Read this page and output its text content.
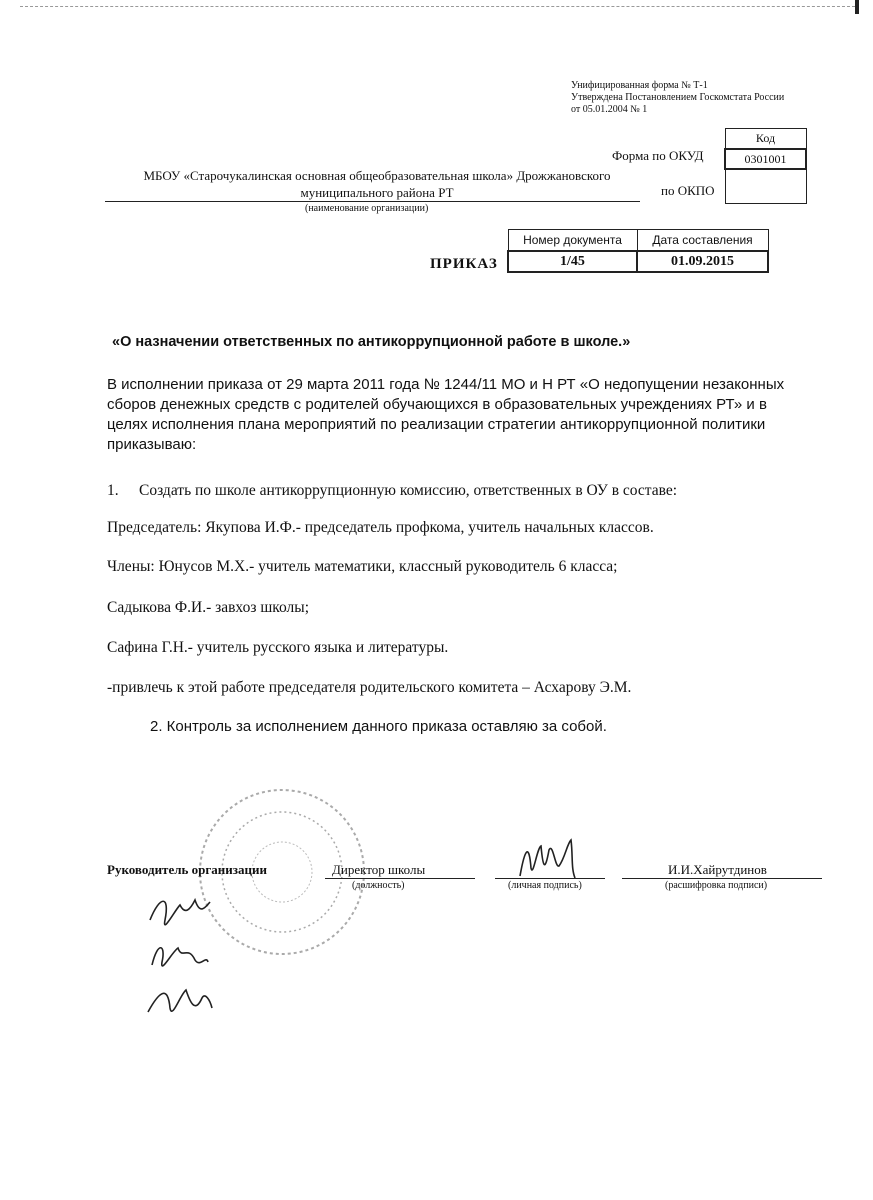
Унифицированная форма № Т-1
Утверждена Постановлением Госкомстата России
от 05.01.2004 № 1
Код
0301001

Форма по ОКУД
по ОКПО
МБОУ «Старочукалинская основная общеобразовательная школа» Дрожжановского муниципального района РТ
(наименование организации)
ПРИКАЗ
Номер документа	Дата составления
1/45	01.09.2015
«О назначении ответственных по антикоррупционной работе в школе.»
В исполнении приказа от 29 марта 2011 года № 1244/11 МО и Н РТ «О недопущении незаконных сборов денежных средств с родителей обучающихся в образовательных учреждениях РТ» и в целях исполнения плана мероприятий по реализации стратегии антикоррупционной политики приказываю:
1. Создать по школе антикоррупционную комиссию, ответственных в ОУ в составе:
Председатель: Якупова И.Ф.- председатель профкома, учитель начальных классов.
Члены: Юнусов М.Х.- учитель математики, классный руководитель 6 класса;
Садыкова Ф.И.- завхоз школы;
Сафина Г.Н.- учитель русского языка и литературы.
-привлечь к этой работе председателя родительского комитета – Асхарову Э.М.
2. Контроль за исполнением данного приказа оставляю за собой.
Руководитель организации	Директор школы
(должность)	(личная подпись)
И.И.Хайрутдинов
(расшифровка подписи)
